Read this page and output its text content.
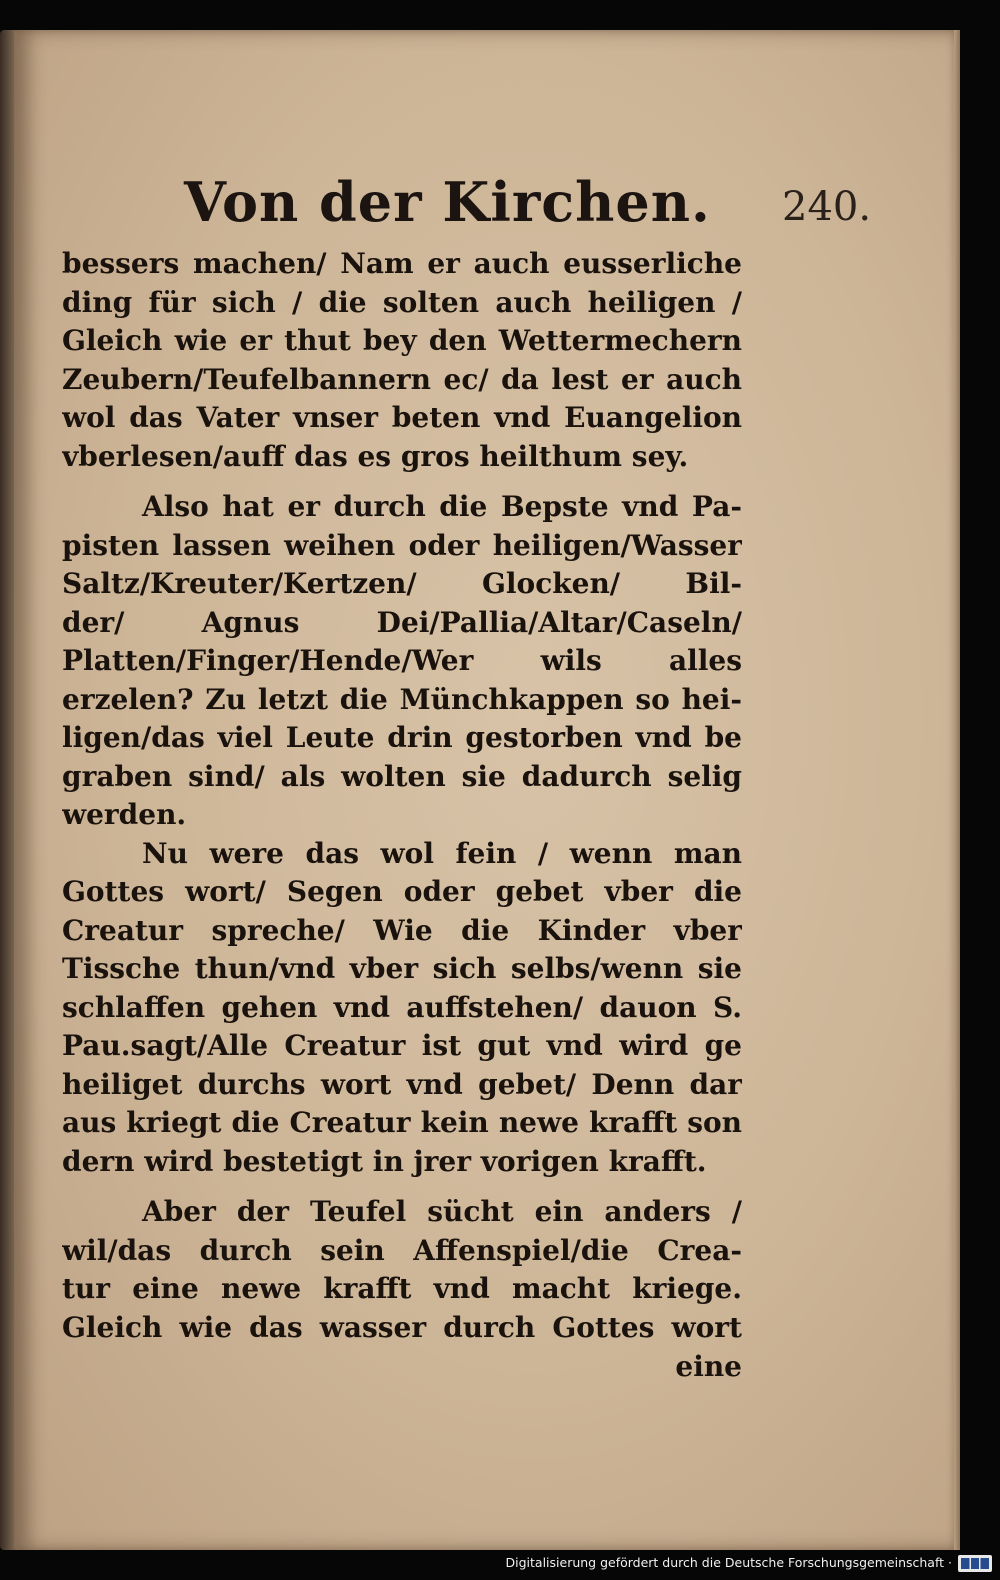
Von der Kirchen. 240.
bessers machen/ Nam er auch eusserliche
ding für sich / die solten auch heiligen /
Gleich wie er thut bey den Wettermechern
Zeubern/Teufelbannern ec/ da lest er auch
wol das Vater vnser beten vnd Euangelion
vberlesen/auff das es gros heilthum sey.
Also hat er durch die Bepste vnd Pa-
pisten lassen weihen oder heiligen/Wasser
Saltz/Kreuter/Kertzen/ Glocken/ Bil-
der/ Agnus Dei/Pallia/Altar/Caseln/
Platten/Finger/Hende/Wer wils alles
erzelen? Zu letzt die Münchkappen so hei-
ligen/das viel Leute drin gestorben vnd be
graben sind/ als wolten sie dadurch selig
werden.
Nu were das wol fein / wenn man
Gottes wort/ Segen oder gebet vber die
Creatur spreche/ Wie die Kinder vber
Tissche thun/vnd vber sich selbs/wenn sie
schlaffen gehen vnd auffstehen/ dauon S.
Pau.sagt/Alle Creatur ist gut vnd wird ge
heiliget durchs wort vnd gebet/ Denn dar
aus kriegt die Creatur kein newe krafft son
dern wird bestetigt in jrer vorigen krafft.
Aber der Teufel sücht ein anders /
wil/das durch sein Affenspiel/die Crea-
tur eine newe krafft vnd macht kriege.
Gleich wie das wasser durch Gottes wort
eine
Digitalisierung gefördert durch die Deutsche Forschungsgemeinschaft ·
